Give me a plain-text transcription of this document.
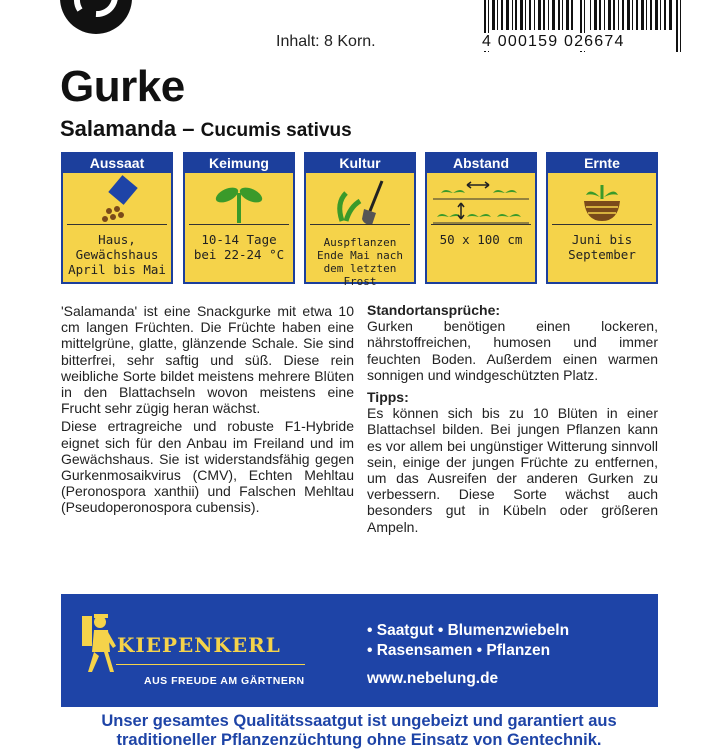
Inhalt: 8 Korn.	4 000159 026674
Gurke
Salamanda – Cucumis sativus
Aussaat
Haus,
Gewächshaus
April bis Mai
Keimung
10-14 Tage
bei 22-24 °C
Kultur
Auspflanzen
Ende Mai nach
dem letzten Frost
Abstand
50 x 100 cm
Ernte
Juni bis
September

'Salamanda' ist eine Snackgurke mit etwa 10 cm langen Früchten. Die Früchte haben eine mittelgrüne, glatte, glänzende Schale. Sie sind bitterfrei, sehr saftig und süß. Diese rein weibliche Sorte bildet meistens mehrere Blüten in den Blattachseln wovon meistens eine Frucht sehr zügig heran wächst.

Diese ertragreiche und robuste F1-Hybride eignet sich für den Anbau im Freiland und im Gewächshaus. Sie ist widerstandsfähig gegen Gurkenmosaikvirus (CMV), Echten Mehltau (Peronospora xanthii) und Falschen Mehltau (Pseudoperonospora cubensis).

Standortansprüche:

Gurken benötigen einen lockeren, nährstoffreichen, humosen und immer feuchten Boden. Außerdem einen warmen sonnigen und windgeschützten Platz.

Tipps:

Es können sich bis zu 10 Blüten in einer Blattachsel bilden. Bei jungen Pflanzen kann es vor allem bei ungünstiger Witterung sinnvoll sein, einige der jungen Früchte zu entfernen, um das Ausreifen der anderen Gurken zu verbessern. Diese Sorte wächst auch besonders gut in Kübeln oder größeren Ampeln.

KIEPENKERL
AUS FREUDE AM GÄRTNERN
• Saatgut • Blumenzwiebeln
• Rasensamen • Pflanzen
www.nebelung.de
Unser gesamtes Qualitätssaatgut ist ungebeizt und garantiert aus
traditioneller Pflanzenzüchtung ohne Einsatz von Gentechnik.
